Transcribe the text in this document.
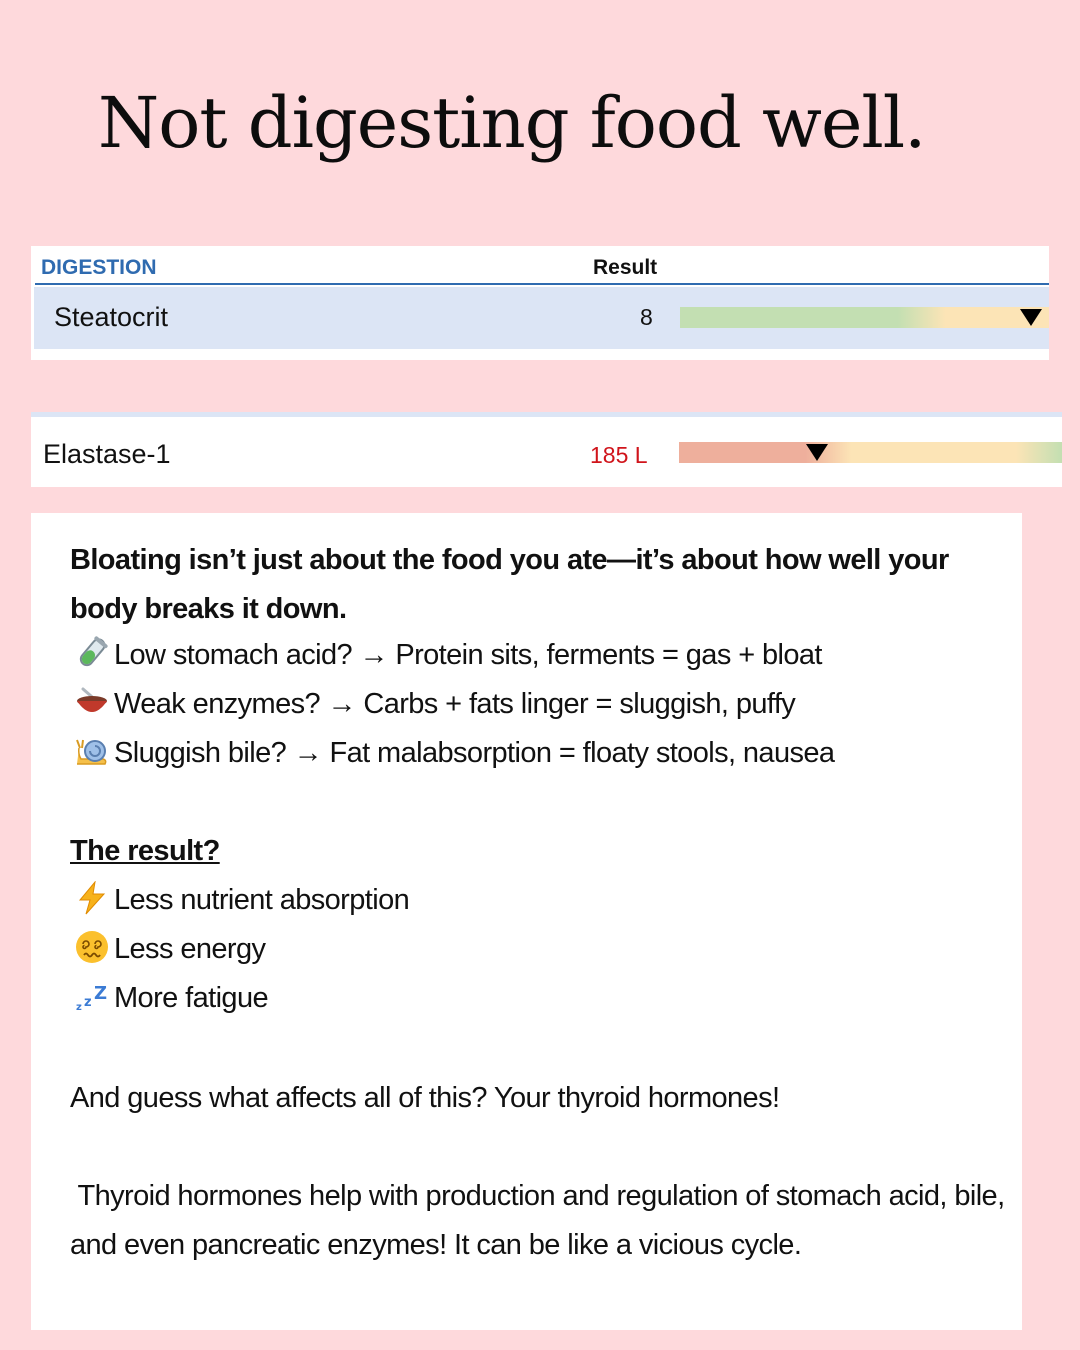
Not digesting food well.
DIGESTION	Result
Steatocrit	8
Elastase-1	185 L

Bloating isn’t just about the food you ate—it’s about how well your body breaks it down.

Low stomach acid? → Protein sits, ferments = gas + bloat

Weak enzymes? → Carbs + fats linger = sluggish, puffy

Sluggish bile? → Fat malabsorption = floaty stools, nausea

The result?

Less nutrient absorption

Less energy

z z Z More fatigue

And guess what affects all of this? Your thyroid hormones!

Thyroid hormones help with production and regulation of stomach acid, bile, and even pancreatic enzymes! It can be like a vicious cycle.
